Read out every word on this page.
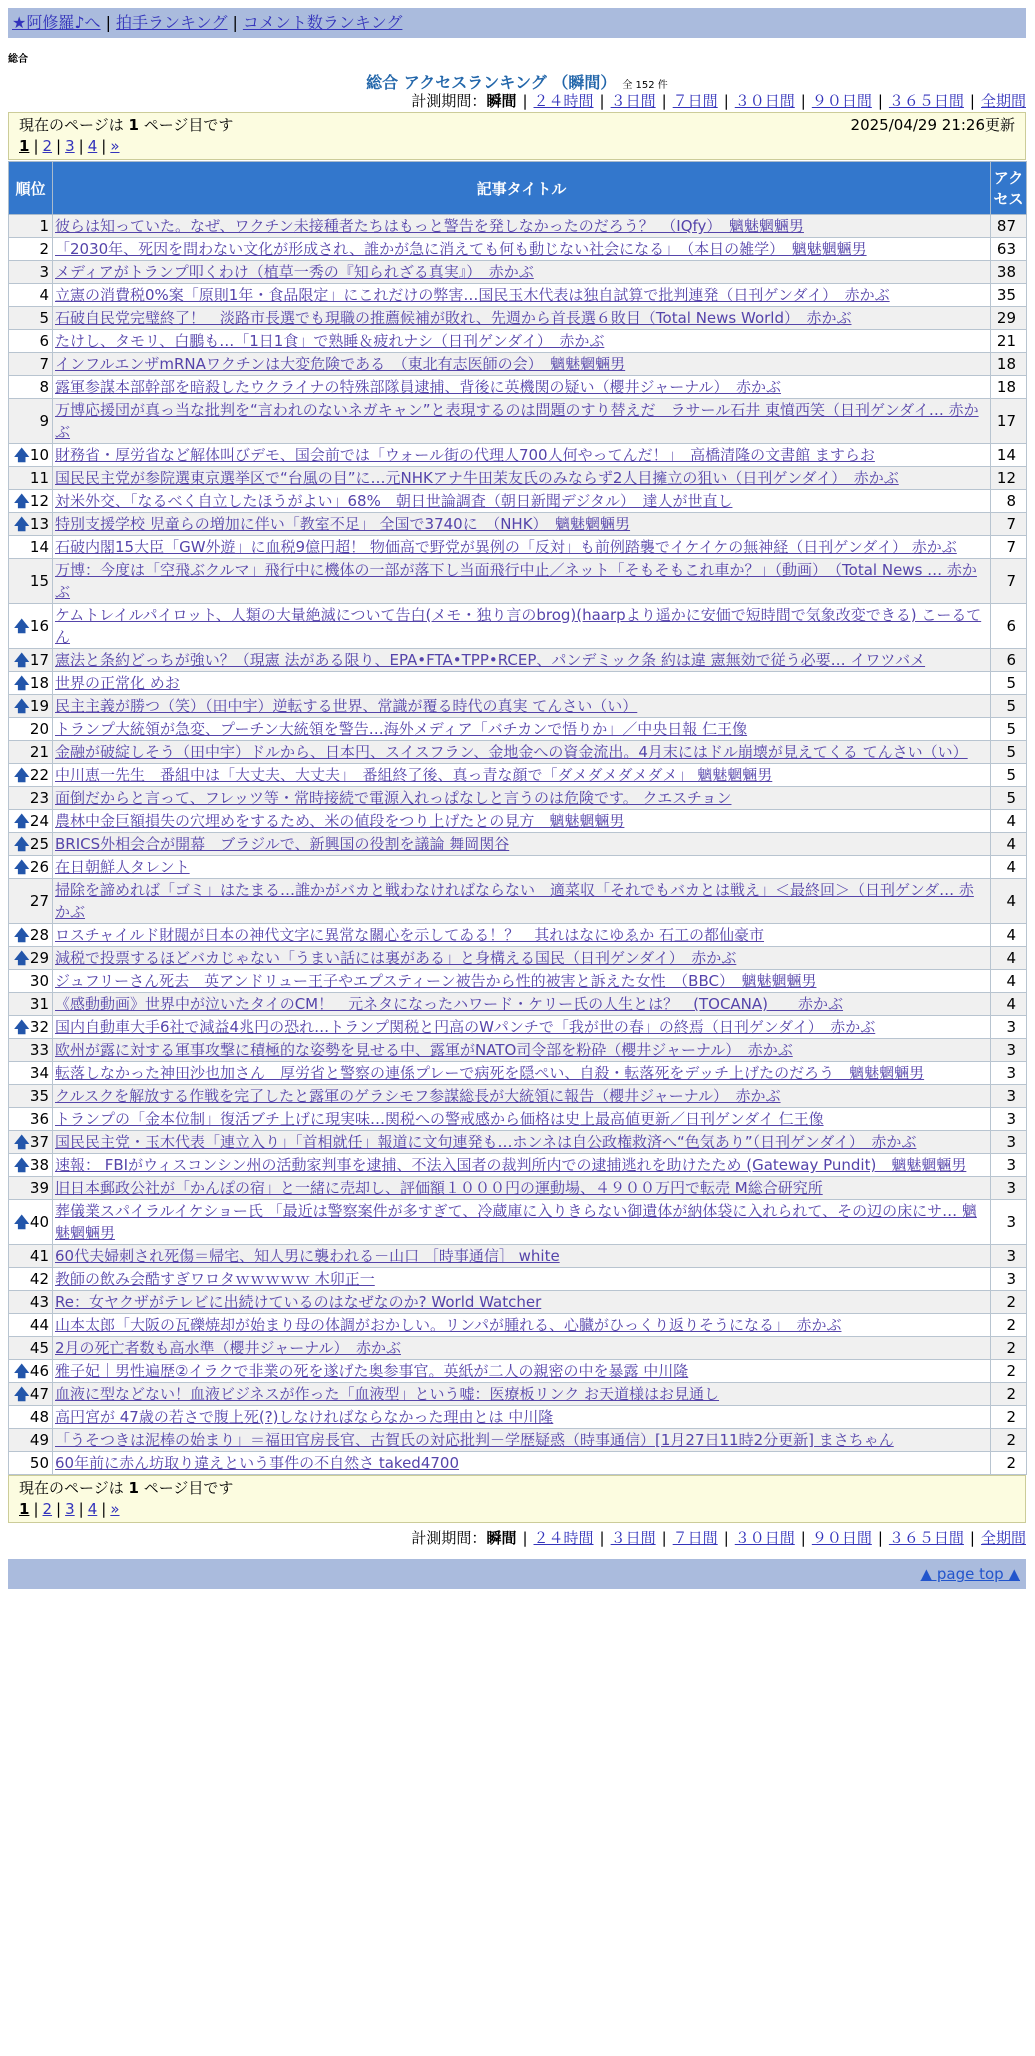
★阿修羅♪へ | 拍手ランキング | コメント数ランキング
総合
総合 アクセスランキング （瞬間） 全 152 件
計測期間：瞬間 | ２４時間 | ３日間 | ７日間 | ３０日間 | ９０日間 | ３６５日間 | 全期間
現在のページは 1 ページ目です	2025/04/29 21:26更新
1 | 2 | 3 | 4 | »
順位	記事タイトル	アクセス
1	彼らは知っていた。なぜ、ワクチン未接種者たちはもっと警告を発しなかったのだろう？　（IQfy）　魑魅魍魎男	87
2	「2030年、死因を問わない文化が形成され、誰かが急に消えても何も動じない社会になる」　（本日の雑学）　魑魅魍魎男	63
3	メディアがトランプ叩くわけ（植草一秀の『知られざる真実』）　赤かぶ	38
4	立憲の消費税0%案「原則1年・食品限定」にこれだけの弊害…国民玉木代表は独自試算で批判連発（日刊ゲンダイ）　赤かぶ	35
5	石破自民党完璧終了！　淡路市長選でも現職の推薦候補が敗れ、先週から首長選６敗目（Total News World）　赤かぶ	29
6	たけし、タモリ、白鵬も…「1日1食」で熟睡＆疲れナシ（日刊ゲンダイ）　赤かぶ	21
7	インフルエンザmRNAワクチンは大変危険である　（東北有志医師の会）　魑魅魍魎男	18
8	露軍参謀本部幹部を暗殺したウクライナの特殊部隊員逮捕、背後に英機関の疑い（櫻井ジャーナル）　赤かぶ	18
9	万博応援団が真っ当な批判を“言われのないネガキャン”と表現するのは問題のすり替えだ　ラサール石井 東憤西笑（日刊ゲンダイ… 赤かぶ	17

🡅 10	財務省・厚労省など解体叫びデモ、国会前では「ウォール街の代理人700人何やってんだ！」　高橋清隆の文書館 ますらお	14
11	国民民主党が参院選東京選挙区で“台風の目”に…元NHKアナ牛田茉友氏のみならず2人目擁立の狙い（日刊ゲンダイ）　赤かぶ	12

🡅 12	対米外交、「なるべく自立したほうがよい」68%　朝日世論調査（朝日新聞デジタル）　達人が世直し	8

🡅 13	特別支援学校 児童らの増加に伴い「教室不足」 全国で3740に　（NHK）　魑魅魍魎男	7
14	石破内閣15大臣「GW外遊」に血税9億円超！ 物価高で野党が異例の「反対」も前例踏襲でイケイケの無神経（日刊ゲンダイ） 赤かぶ	7
15	万博：今度は「空飛ぶクルマ」飛行中に機体の一部が落下し当面飛行中止／ネット「そもそもこれ車か？」（動画）　（Total News … 赤かぶ	7

🡅 16	ケムトレイルパイロット、人類の大量絶滅について告白(メモ・独り言のbrog)(haarpより遥かに安価で短時間で気象改変できる) こーるてん	6

🡅 17	憲法と条約どっちが強い？（現憲 法がある限り、EPA•FTA•TPP•RCEP、パンデミック条 約は違 憲無効で従う必要… イワツバメ	6

🡅 18	世界の正常化 めお	5

🡅 19	民主主義が勝つ（笑）（田中宇）逆転する世界、常識が覆る時代の真実 てんさい（い）	5
20	トランプ大統領が急変、プーチン大統領を警告…海外メディア「バチカンで悟りか」／中央日報 仁王像	5
21	金融が破綻しそう（田中宇）ドルから、日本円、スイスフラン、金地金への資金流出。4月末にはドル崩壊が見えてくる てんさい（い）	5

🡅 22	中川恵一先生　番組中は「大丈夫、大丈夫」　番組終了後、真っ青な顔で「ダメダメダメダメ」 魑魅魍魎男	5
23	面倒だからと言って、フレッツ等・常時接続で電源入れっぱなしと言うのは危険です。 クエスチョン	5

🡅 24	農林中金巨額損失の穴埋めをするため、米の値段をつり上げたとの見方　魑魅魍魎男	4

🡅 25	BRICS外相会合が開幕　ブラジルで、新興国の役割を議論 舞岡関谷	4

🡅 26	在日朝鮮人タレント	4
27	掃除を諦めれば「ゴミ」はたまる…誰かがバカと戦わなければならない　適菜収「それでもバカとは戦え」＜最終回＞（日刊ゲンダ… 赤かぶ	4

🡅 28	ロスチャイルド財閥が日本の神代文字に異常な關心を示してゐる！？　其れはなにゆゑか 石工の都仙豪市	4

🡅 29	減税で投票するほどバカじゃない「うまい話には裏がある」と身構える国民（日刊ゲンダイ）　赤かぶ	4
30	ジュフリーさん死去　英アンドリュー王子やエプスティーン被告から性的被害と訴えた女性　（BBC）　魑魅魍魎男	4
31	《感動動画》世界中が泣いたタイのCM！　元ネタになったハワード・ケリー氏の人生とは？　(TOCANA)　　赤かぶ	4

🡅 32	国内自動車大手6社で減益4兆円の恐れ…トランプ関税と円高のWパンチで「我が世の春」の終焉（日刊ゲンダイ）　赤かぶ	3
33	欧州が露に対する軍事攻撃に積極的な姿勢を見せる中、露軍がNATO司令部を粉砕（櫻井ジャーナル）　赤かぶ	3
34	転落しなかった神田沙也加さん　厚労省と警察の連係プレーで病死を隠ぺい、自殺・転落死をデッチ上げたのだろう　魑魅魍魎男	3
35	クルスクを解放する作戦を完了したと露軍のゲラシモフ参謀総長が大統領に報告（櫻井ジャーナル）　赤かぶ	3
36	トランプの「金本位制」復活ブチ上げに現実味…関税への警戒感から価格は史上最高値更新／日刊ゲンダイ 仁王像	3

🡅 37	国民民主党・玉木代表「連立入り」「首相就任」報道に文句連発も…ホンネは自公政権救済へ“色気あり”（日刊ゲンダイ）　赤かぶ	3

🡅 38	速報： FBIがウィスコンシン州の活動家判事を逮捕、不法入国者の裁判所内での逮捕逃れを助けたため (Gateway Pundit)　魑魅魍魎男	3
39	旧日本郵政公社が「かんぽの宿」と一緒に売却し、評価額１０００円の運動場、４９００万円で転売 M総合研究所	3

🡅 40	葬儀業スパイラルイケショー氏 「最近は警察案件が多すぎて、冷蔵庫に入りきらない御遺体が納体袋に入れられて、その辺の床にサ… 魑魅魍魎男	3
41	60代夫婦刺され死傷＝帰宅、知人男に襲われる－山口 ［時事通信］ white	3
42	教師の飲み会酷すぎワロタｗｗｗｗｗ 木卯正一	3
43	Re：女ヤクザがテレビに出続けているのはなぜなのか? World Watcher	2
44	山本太郎「大阪の瓦礫焼却が始まり母の体調がおかしい。リンパが腫れる、心臓がひっくり返りそうになる」　赤かぶ	2
45	2月の死亡者数も高水準（櫻井ジャーナル）　赤かぶ	2

🡅 46	雅子妃｜男性遍歴②イラクで非業の死を遂げた奥参事官。英紙が二人の親密の中を暴露 中川隆	2

🡅 47	血液に型などない！血液ビジネスが作った「血液型」という嘘：医療板リンク お天道様はお見通し	2
48	高円宮が 47歳の若さで腹上死(?)しなければならなかった理由とは 中川隆	2
49	「うそつきは泥棒の始まり」＝福田官房長官、古賀氏の対応批判－学歴疑惑（時事通信）[1月27日11時2分更新] まさちゃん	2
50	60年前に赤ん坊取り違えという事件の不自然さ taked4700	2
現在のページは 1 ページ目です
1 | 2 | 3 | 4 | »
計測期間：瞬間 | ２４時間 | ３日間 | ７日間 | ３０日間 | ９０日間 | ３６５日間 | 全期間
▲ page top ▲
